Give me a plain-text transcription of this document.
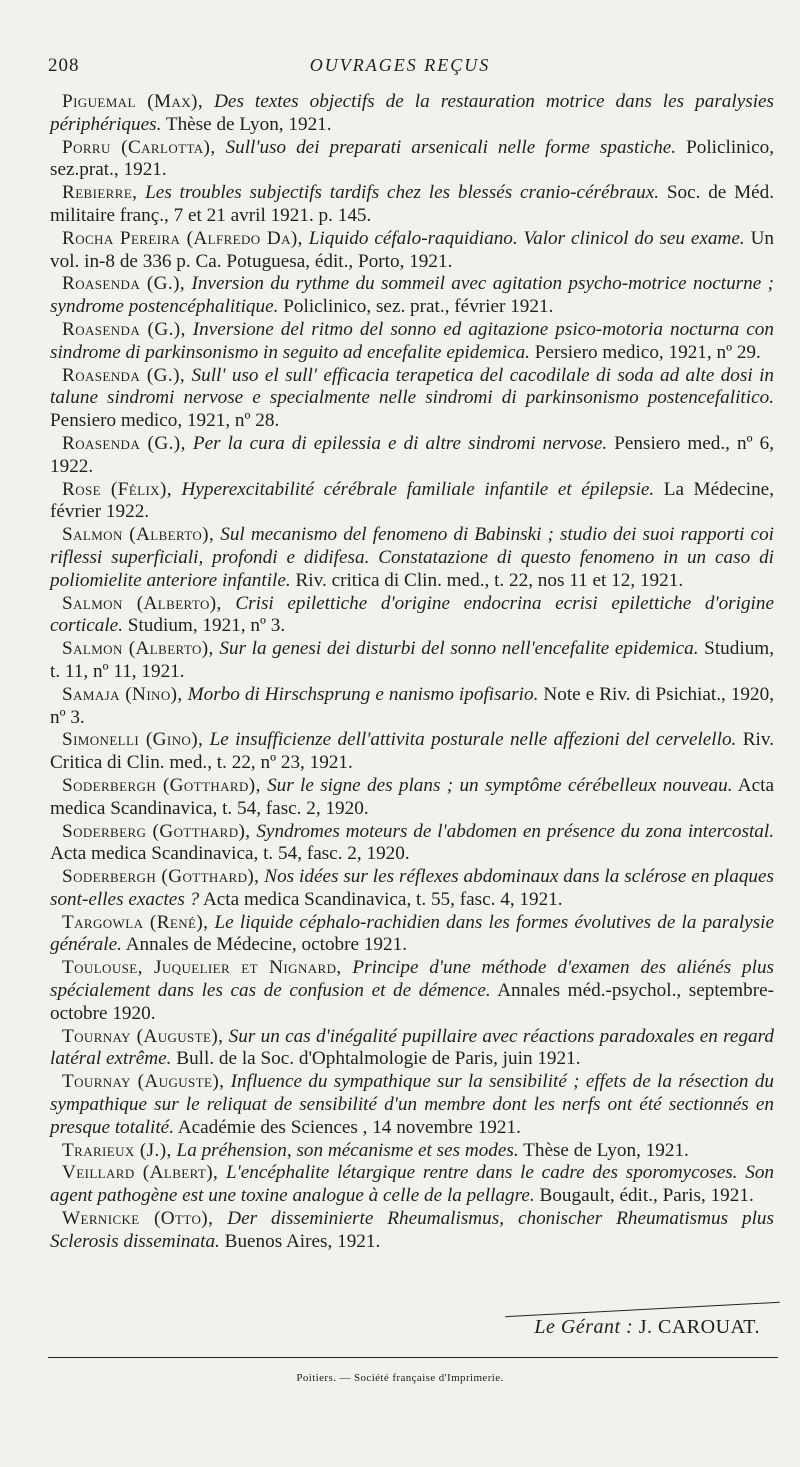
208	OUVRAGES REÇUS

Piguemal (Max), Des textes objectifs de la restauration motrice dans les paralysies périphériques. Thèse de Lyon, 1921.

Porru (Carlotta), Sull'uso dei preparati arsenicali nelle forme spastiche. Policlinico, sez.prat., 1921.

Rebierre, Les troubles subjectifs tardifs chez les blessés cranio-cérébraux. Soc. de Méd. militaire franç., 7 et 21 avril 1921. p. 145.

Rocha Pereira (Alfredo Da), Liquido céfalo-raquidiano. Valor clinicol do seu exame. Un vol. in-8 de 336 p. Ca. Potuguesa, édit., Porto, 1921.

Roasenda (G.), Inversion du rythme du sommeil avec agitation psycho-motrice nocturne ; syndrome postencéphalitique. Policlinico, sez. prat., février 1921.

Roasenda (G.), Inversione del ritmo del sonno ed agitazione psico-motoria nocturna con sindrome di parkinsonismo in seguito ad encefalite epidemica. Persiero medico, 1921, nº 29.

Roasenda (G.), Sull' uso el sull' efficacia terapetica del cacodilale di soda ad alte dosi in talune sindromi nervose e specialmente nelle sindromi di parkinsonismo postencefalitico. Pensiero medico, 1921, nº 28.

Roasenda (G.), Per la cura di epilessia e di altre sindromi nervose. Pensiero med., nº 6, 1922.

Rose (Félix), Hyperexcitabilité cérébrale familiale infantile et épilepsie. La Médecine, février 1922.

Salmon (Alberto), Sul mecanismo del fenomeno di Babinski ; studio dei suoi rapporti coi riflessi superficiali, profondi e didifesa. Constatazione di questo fenomeno in un caso di poliomielite anteriore infantile. Riv. critica di Clin. med., t. 22, nos 11 et 12, 1921.

Salmon (Alberto), Crisi epilettiche d'origine endocrina ecrisi epilettiche d'origine corticale. Studium, 1921, nº 3.

Salmon (Alberto), Sur la genesi dei disturbi del sonno nell'encefalite epidemica. Studium, t. 11, nº 11, 1921.

Samaja (Nino), Morbo di Hirschsprung e nanismo ipofisario. Note e Riv. di Psichiat., 1920, nº 3.

Simonelli (Gino), Le insufficienze dell'attivita posturale nelle affezioni del cervelello. Riv. Critica di Clin. med., t. 22, nº 23, 1921.

Soderbergh (Gotthard), Sur le signe des plans ; un symptôme cérébelleux nouveau. Acta medica Scandinavica, t. 54, fasc. 2, 1920.

Soderberg (Gotthard), Syndromes moteurs de l'abdomen en présence du zona intercostal. Acta medica Scandinavica, t. 54, fasc. 2, 1920.

Soderbergh (Gotthard), Nos idées sur les réflexes abdominaux dans la sclérose en plaques sont-elles exactes ? Acta medica Scandinavica, t. 55, fasc. 4, 1921.

Targowla (René), Le liquide céphalo-rachidien dans les formes évolutives de la paralysie générale. Annales de Médecine, octobre 1921.

Toulouse, Juquelier et Nignard, Principe d'une méthode d'examen des aliénés plus spécialement dans les cas de confusion et de démence. Annales méd.-psychol., septembre-octobre 1920.

Tournay (Auguste), Sur un cas d'inégalité pupillaire avec réactions paradoxales en regard latéral extrême. Bull. de la Soc. d'Ophtalmologie de Paris, juin 1921.

Tournay (Auguste), Influence du sympathique sur la sensibilité ; effets de la résection du sympathique sur le reliquat de sensibilité d'un membre dont les nerfs ont été sectionnés en presque totalité. Académie des Sciences , 14 novembre 1921.

Trarieux (J.), La préhension, son mécanisme et ses modes. Thèse de Lyon, 1921.

Veillard (Albert), L'encéphalite létargique rentre dans le cadre des sporomycoses. Son agent pathogène est une toxine analogue à celle de la pellagre. Bougault, édit., Paris, 1921.

Wernicke (Otto), Der disseminierte Rheumalismus, chonischer Rheumatismus plus Sclerosis disseminata. Buenos Aires, 1921.

Le Gérant : J. CAROUAT.
Poitiers. — Société française d'Imprimerie.
